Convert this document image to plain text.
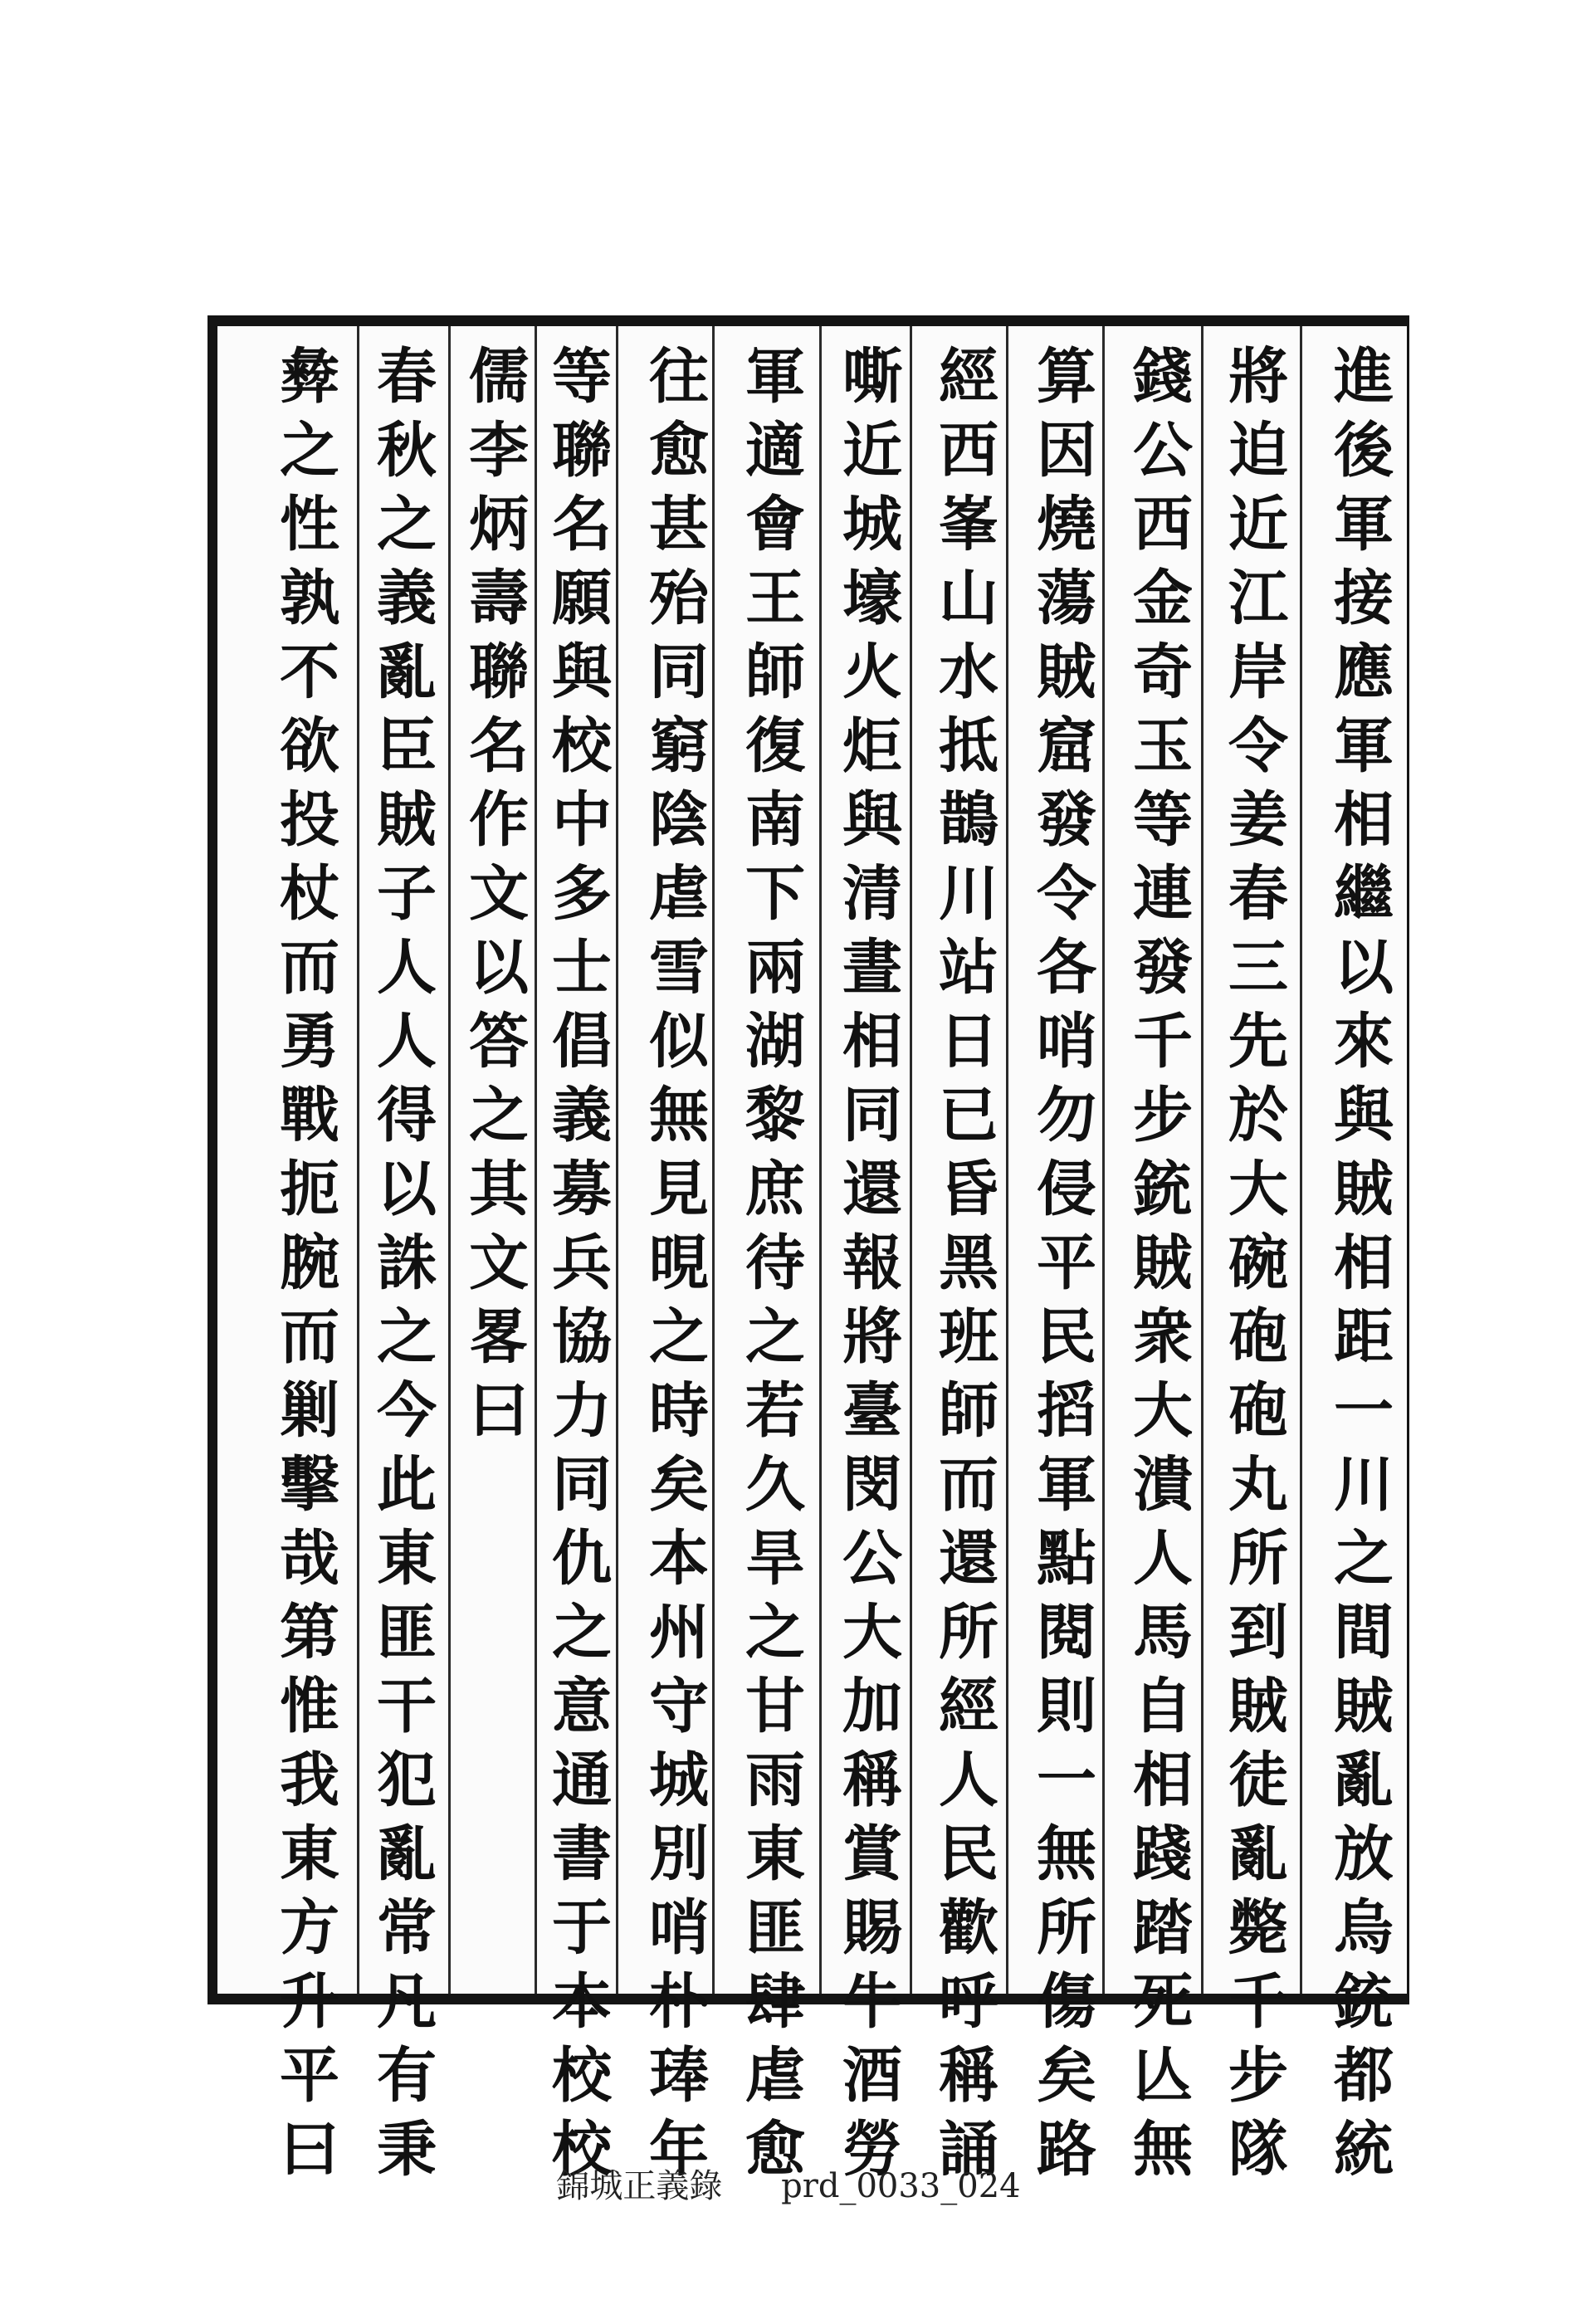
進後軍接應軍相繼以來與賊相距一川之間賊亂放烏銃都統
將迫近江岸令姜春三先於大碗砲砲丸所到賊徒亂斃千步隊
錢公西金奇玉等連發千步銃賊衆大潰人馬自相踐踏死亾無
算因燒蕩賊窟發令各哨勿侵平民搯軍點閱則一無所傷矣路
經西峯山水抵鵲川站日已昏黑班師而還所經人民歡呼稱誦
嘶近城壕火炬與清晝相同還報將臺閔公大加稱賞賜牛酒勞
軍適會王師復南下兩湖黎庶待之若久旱之甘雨東匪肆虐愈
往愈甚殆同窮陰虐雪似無見晛之時矣本州守城別哨朴琫年
等聯名願與校中多士倡義募兵協力同仇之意通書于本校校
儒李炳壽聯名作文以答之其文畧曰
春秋之義亂臣賊子人人得以誅之今此東匪干犯亂常凡有秉
彜之性孰不欲投杖而勇戰扼腕而剿擊哉第惟我東方升平曰	錦城正義錄 prd_0033_024
